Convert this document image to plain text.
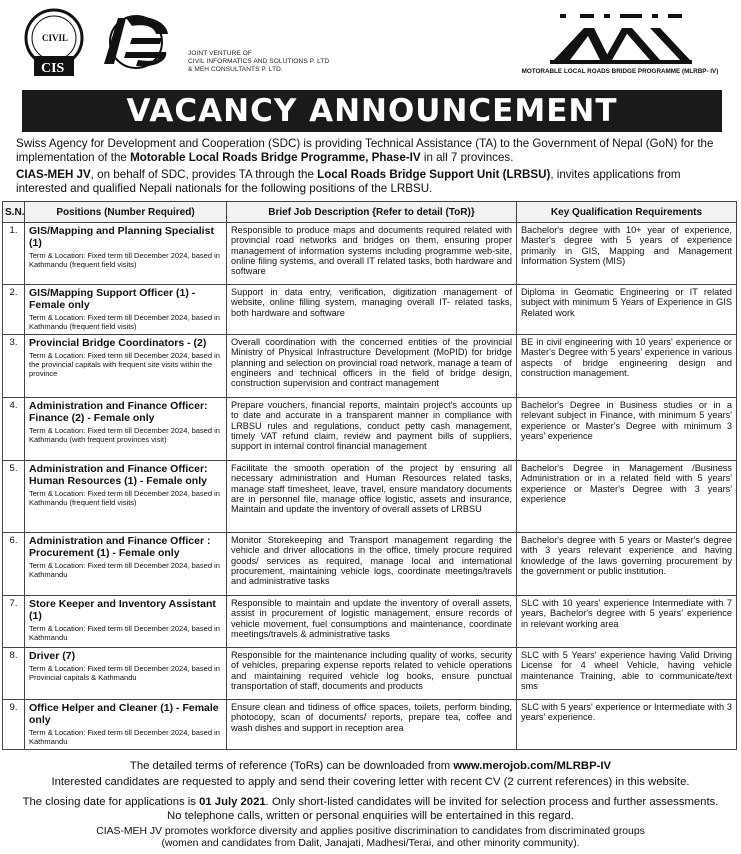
CIVIL
CIS
JOINT VENTURE OF
CIVIL INFORMATICS AND SOLUTIONS P. LTD
& MEH CONSULTANTS P. LTD.	MOTORABLE LOCAL ROADS BRIDGE PROGRAMME (MLRBP- IV)
VACANCY ANNOUNCEMENT
Swiss Agency for Development and Cooperation (SDC) is providing Technical Assistance (TA) to the Government of Nepal (GoN) for the implementation of the Motorable Local Roads Bridge Programme, Phase-IV in all 7 provinces.
CIAS-MEH JV, on behalf of SDC, provides TA through the Local Roads Bridge Support Unit (LRBSU), invites applications from interested and qualified Nepali nationals for the following positions of the LRBSU.
S.N.	Positions (Number Required)	Brief Job Description {Refer to detail (ToR)}	Key Qualification Requirements
1.	GIS/Mapping and Planning Specialist (1)
Term & Location: Fixed term till December 2024, based in Kathmandu (frequent field visits)	Responsible to produce maps and documents required related with provincial road networks and bridges on them, ensuring proper management of information systems including programme web-site, online filing systems, and overall IT related tasks, both hardware and software	Bachelor's degree with 10+ year of experience, Master's degree with 5 years of experience primarily in GIS, Mapping and Management Information System (MIS)
2.	GIS/Mapping Support Officer (1) - Female only
Term & Location: Fixed term till December 2024, based in Kathmandu (frequent field visits)	Support in data entry, verification, digitization management of website, online filling system, managing overall IT- related tasks, both hardware and software	Diploma in Geomatic Engineering or IT related subject with minimum 5 Years of Experience in GIS Related work
3.	Provincial Bridge Coordinators - (2)
Term & Location: Fixed term till December 2024, based in the provincial capitals with frequent site visits within the province	Overall coordination with the concerned entities of the provincial Ministry of Physical Infrastructure Development (MoPID) for bridge planning and selection on provincial road network, manage a team of engineers and technical officers in the field of bridge design, construction supervision and contract management	BE in civil engineering with 10 years' experience or Master's Degree with 5 years' experience in various aspects of bridge engineering design and construction management.
4.	Administration and Finance Officer: Finance (2) - Female only
Term & Location: Fixed term till December 2024, based in Kathmandu (with frequent provinces visit)	Prepare vouchers, financial reports, maintain project's accounts up to date and accurate in a transparent manner in compliance with LRBSU rules and regulations, conduct petty cash management, timely VAT refund claim, review and payment bills of suppliers, support in internal control financial management	Bachelor's Degree in Business studies or in a relevant subject in Finance, with minimum 5 years' experience or Master's Degree with minimum 3 years' experience
5.	Administration and Finance Officer: Human Resources (1) - Female only
Term & Location: Fixed term till December 2024, based in Kathmandu (frequent field visits)	Facilitate the smooth operation of the project by ensuring all necessary administration and Human Resources related tasks, manage staff timesheet, leave, travel, ensure mandatory documents are in personnel file, manage office logistic, assets and insurance, Maintain and update the inventory of overall assets of LRBSU	Bachelor's Degree in Management /Business Administration or in a related field with 5 years' experience or Master's Degree with 3 years' experience
6.	Administration and Finance Officer : Procurement (1) - Female only
Term & Location: Fixed term till December 2024, based in Kathmandu	Monitor Storekeeping and Transport management regarding the vehicle and driver allocations in the office, timely procure required goods/ services as required, manage local and international procurement, maintaining vehicle logs, coordinate meetings/travels and administrative tasks	Bachelor's degree with 5 years or Master's degree with 3 years relevant experience and having knowledge of the laws governing procurement by the government or public institution.
7.	Store Keeper and Inventory Assistant (1)
Term & Location: Fixed term till December 2024, based in Kathmandu	Responsible to maintain and update the inventory of overall assets, assist in procurement of logistic management, ensure records of vehicle movement, fuel consumptions and maintenance, coordinate meetings/travels & administrative tasks	SLC with 10 years' experience Intermediate with 7 years, Bachelor's degree with 5 years' experience in relevant working area
8.	Driver (7)
Term & Location: Fixed term till December 2024, based in Provincial capitals & Kathmandu	Responsible for the maintenance including quality of works, security of vehicles, preparing expense reports related to vehicle operations and maintaining required vehicle log books, ensure punctual transportation of staff, documents and products	SLC with 5 Years' experience having Valid Driving License for 4 wheel Vehicle, having vehicle maintenance Training, able to communicate/text sms
9.	Office Helper and Cleaner (1) - Female only
Term & Location: Fixed term till December 2024, based in Kathmandu	Ensure clean and tidiness of office spaces, toilets, perform binding, photocopy, scan of documents/ reports, prepare tea, coffee and wash dishes and support in reception area	SLC with 5 years' experience or Intermediate with 3 years' experience.
The detailed terms of reference (ToRs) can be downloaded from www.merojob.com/MLRBP-IV
Interested candidates are requested to apply and send their covering letter with recent CV (2 current references) in this website.
The closing date for applications is 01 July 2021. Only short-listed candidates will be invited for selection process and further assessments.
No telephone calls, written or personal enquiries will be entertained in this regard.
CIAS-MEH JV promotes workforce diversity and applies positive discrimination to candidates from discriminated groups
(women and candidates from Dalit, Janajati, Madhesi/Terai, and other minority community).
